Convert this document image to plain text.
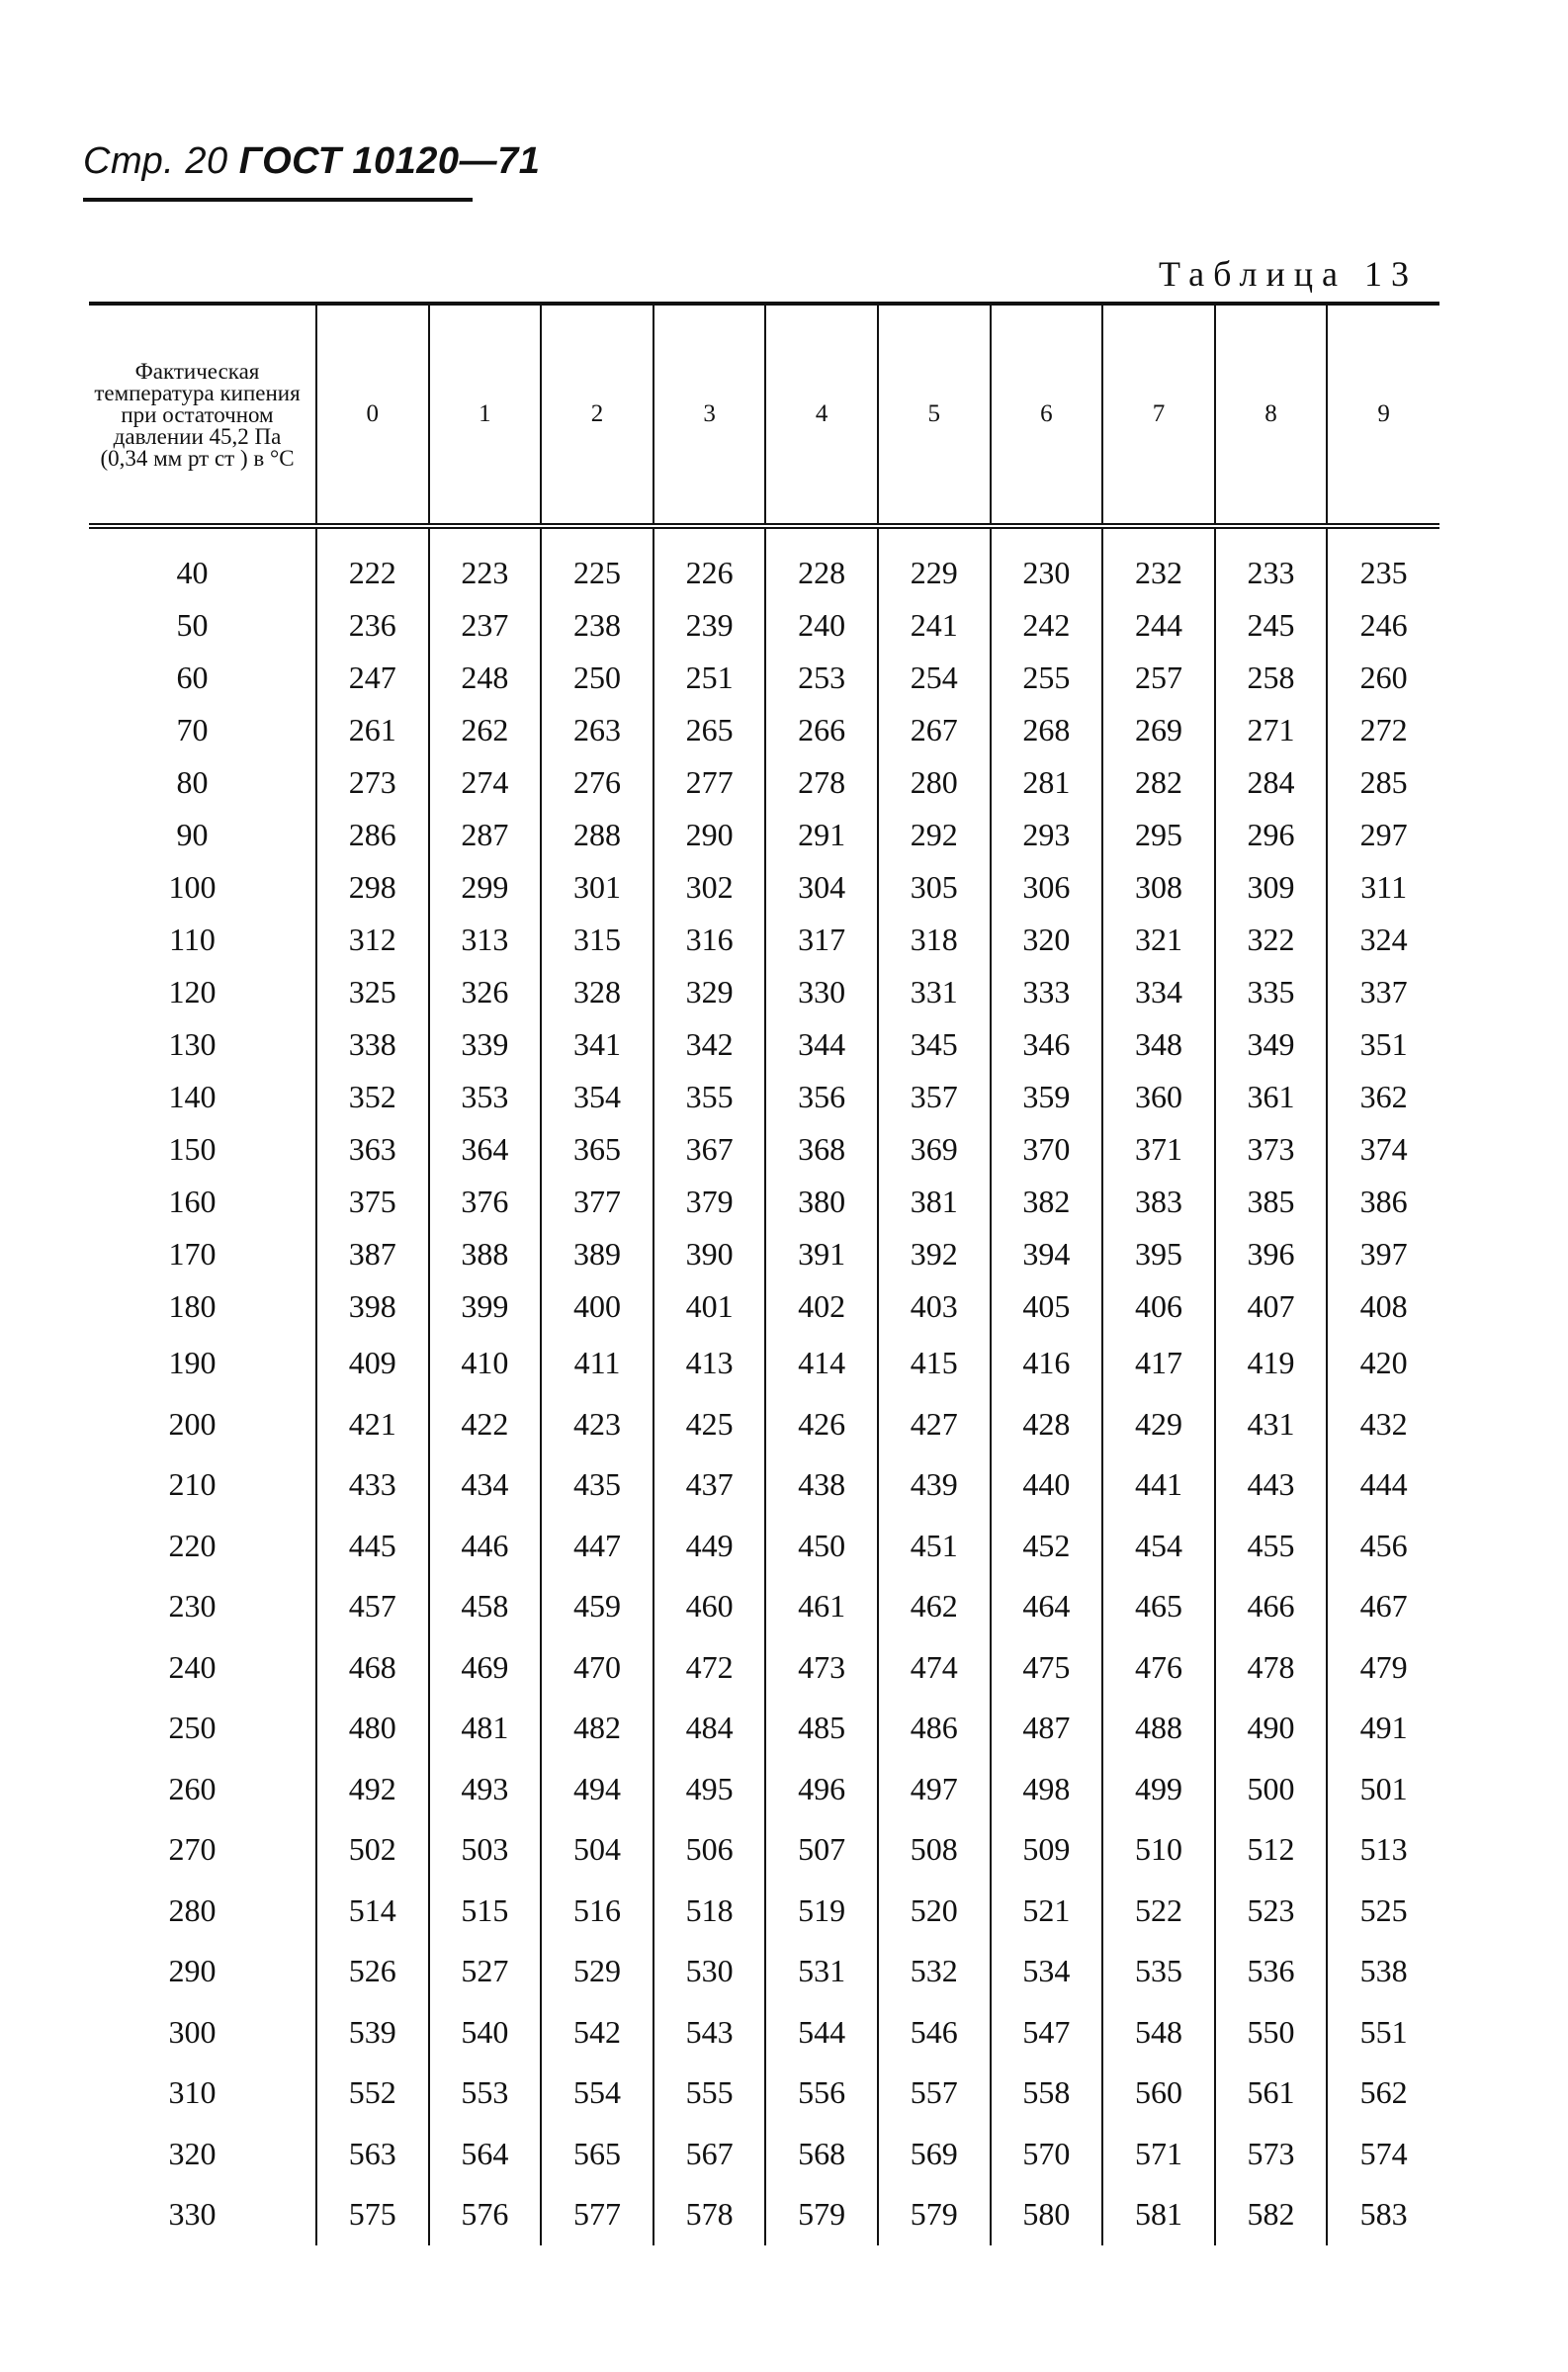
Стр. 20 ГОСТ 10120—71
Таблица 13
Фактическая температура кипения при остаточном давлении 45,2 Па (0,34 мм рт ст ) в °С	0	1	2	3	4	5	6	7	8	9
40	222	223	225	226	228	229	230	232	233	235
50	236	237	238	239	240	241	242	244	245	246
60	247	248	250	251	253	254	255	257	258	260
70	261	262	263	265	266	267	268	269	271	272
80	273	274	276	277	278	280	281	282	284	285
90	286	287	288	290	291	292	293	295	296	297
100	298	299	301	302	304	305	306	308	309	311
110	312	313	315	316	317	318	320	321	322	324
120	325	326	328	329	330	331	333	334	335	337
130	338	339	341	342	344	345	346	348	349	351
140	352	353	354	355	356	357	359	360	361	362
150	363	364	365	367	368	369	370	371	373	374
160	375	376	377	379	380	381	382	383	385	386
170	387	388	389	390	391	392	394	395	396	397
180	398	399	400	401	402	403	405	406	407	408
190	409	410	411	413	414	415	416	417	419	420
200	421	422	423	425	426	427	428	429	431	432
210	433	434	435	437	438	439	440	441	443	444
220	445	446	447	449	450	451	452	454	455	456
230	457	458	459	460	461	462	464	465	466	467
240	468	469	470	472	473	474	475	476	478	479
250	480	481	482	484	485	486	487	488	490	491
260	492	493	494	495	496	497	498	499	500	501
270	502	503	504	506	507	508	509	510	512	513
280	514	515	516	518	519	520	521	522	523	525
290	526	527	529	530	531	532	534	535	536	538
300	539	540	542	543	544	546	547	548	550	551
310	552	553	554	555	556	557	558	560	561	562
320	563	564	565	567	568	569	570	571	573	574
330	575	576	577	578	579	579	580	581	582	583
